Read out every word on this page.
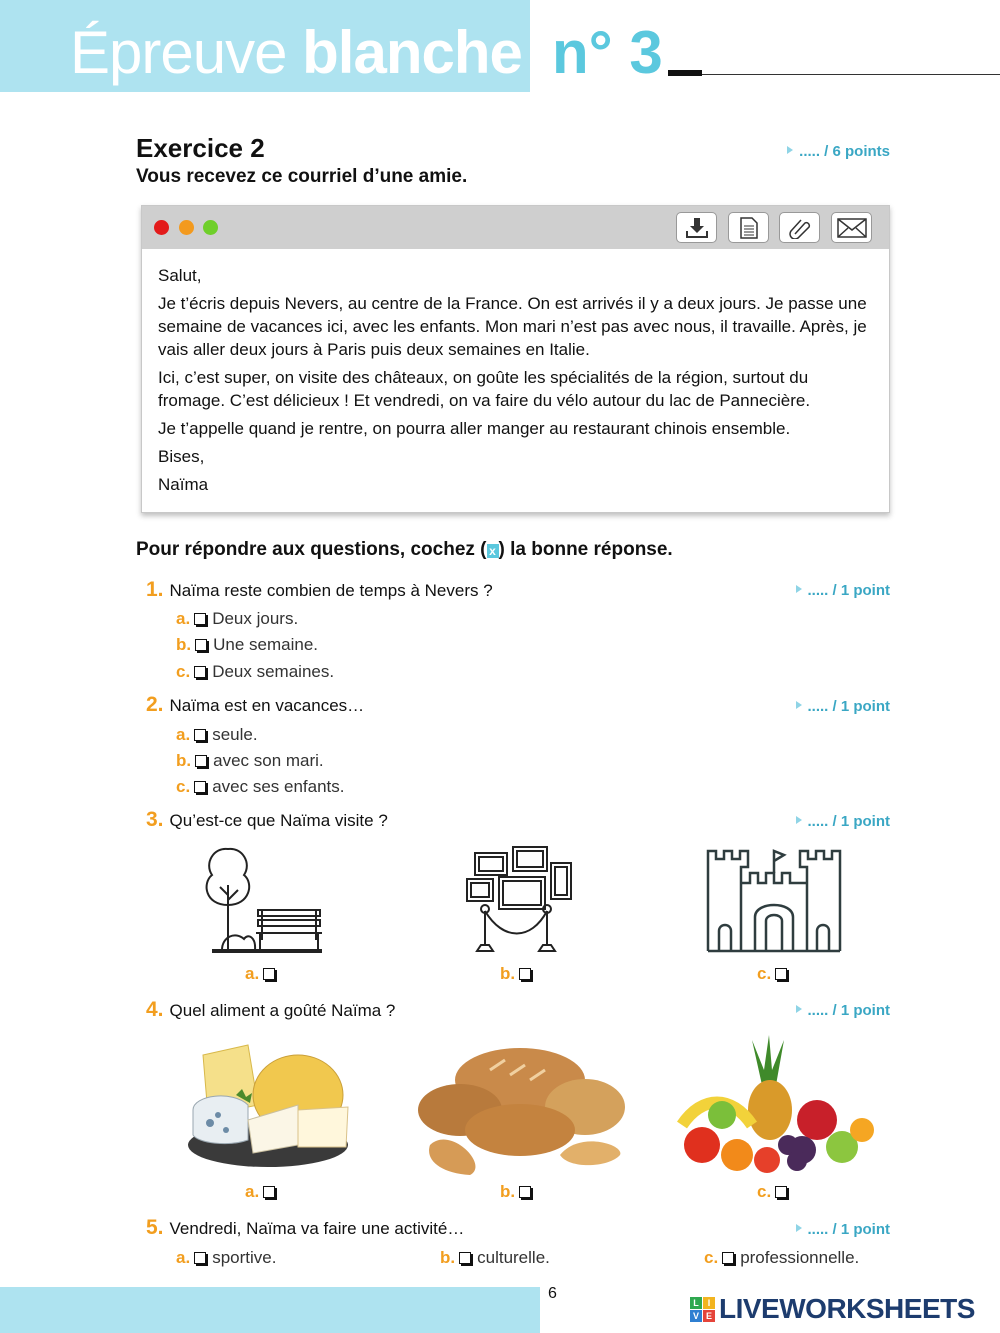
Épreuve blanche n° 3
Exercice 2
Vous recevez ce courriel d’une amie.
..... / 6 points

Salut,

Je t’écris depuis Nevers, au centre de la France. On est arrivés il y a deux jours. Je passe une semaine de vacances ici, avec les enfants. Mon mari n’est pas avec nous, il travaille. Après, je vais aller deux jours à Paris puis deux semaines en Italie.

Ici, c’est super, on visite des châteaux, on goûte les spécialités de la région, surtout du fromage. C’est délicieux ! Et vendredi, on va faire du vélo autour du lac de Pannecière.

Je t’appelle quand je rentre, on pourra aller manger au restaurant chinois ensemble.

Bises,

Naïma

Pour répondre aux questions, cochez ( x ) la bonne réponse.
1. Naïma reste combien de temps à Nevers ?	..... / 1 point
a. Deux jours.
b. Une semaine.
c. Deux semaines.
2. Naïma est en vacances…	..... / 1 point
a. seule.
b. avec son mari.
c. avec ses enfants.
3. Qu’est-ce que Naïma visite ?	..... / 1 point
a.	b.	c.
4. Quel aliment a goûté Naïma ?	..... / 1 point
a.	b.	c.
5. Vendredi, Naïma va faire une activité…	..... / 1 point
a. sportive.	b. culturelle.	c. professionnelle.
6
L I
V E LIVEWORKSHEETS
